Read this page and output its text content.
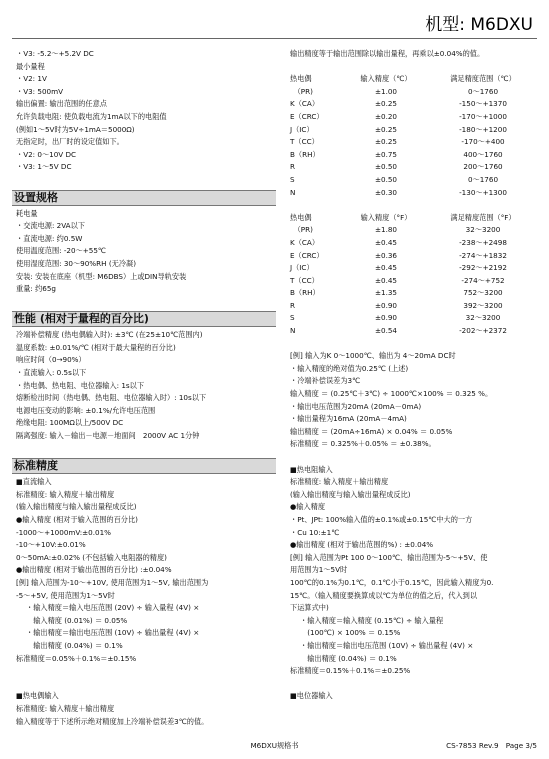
机型: M6DXU
・V3: -5.2～+5.2V DC
最小量程
・V2: 1V
・V3: 500mV
输出偏置: 输出范围的任意点
允许负载电阻: 使负载电流为1mA以下的电阻值
(例如1～5V时为5V÷1mA＝5000Ω)
无指定时，出厂时的设定值如下。
・V2: 0～10V DC
・V3: 1～5V DC
设置规格
耗电量
・交流电源: 2VA以下
・直流电源: 约0.5W
使用温度范围: -20～+55℃
使用湿度范围: 30～90%RH (无冷凝)
安装: 安装在底座（机型: M6DBS）上或DIN导轨安装
重量: 约65g
性能 (相对于量程的百分比)
冷端补偿精度 (热电偶输入时): ±3℃ (在25±10℃范围内)
温度系数: ±0.01%/℃ (相对于最大量程的百分比)
响应时间（0→90%）
・直流输入: 0.5s以下
・热电偶、热电阻、电位器输入: 1s以下
熔断检出时间（热电偶、热电阻、电位器输入时）: 10s以下
电源电压变动的影响: ±0.1%/允许电压范围
绝缘电阻: 100MΩ以上/500V DC
隔离强度: 输入－输出－电源－地面间　2000V AC 1分钟
标准精度
■直流输入
标准精度: 输入精度＋输出精度
(输入输出精度与输入输出量程成反比)
●输入精度 (相对于输入范围的百分比)
-1000～+1000mV:±0.01%
-10～+10V:±0.01%
0～50mA:±0.02% (不包括输入电阻器的精度)
●输出精度 (相对于输出范围的百分比) :±0.04%
[例] 输入范围为-10～+10V, 使用范围为1～5V, 输出范围为
-5～+5V, 使用范围为1～5V时
・输入精度＝输入电压范围 (20V) ÷ 输入量程 (4V) ×
　输入精度 (0.01%) ＝ 0.05%
・输出精度＝输出电压范围 (10V) ÷ 输出量程 (4V) ×
　输出精度 (0.04%) ＝ 0.1%
标准精度＝0.05%＋0.1%＝±0.15%
■热电偶输入
标准精度: 输入精度＋输出精度
输入精度等于下述所示绝对精度加上冷端补偿误差3℃的值。
输出精度等于输出范围除以输出量程，再乘以±0.04%的值。
热电偶	输入精度（℃）	满足精度范围（℃）
　（PR)	±1.00	0～1760
K（CA）	±0.25	-150～+1370
E（CRC）	±0.20	-170～+1000
J（IC）	±0.25	-180～+1200
T（CC）	±0.25	-170～+400
B（RH）	±0.75	400～1760
R	±0.50	200～1760
S	±0.50	0～1760
N	±0.30	-130～+1300
热电偶	输入精度（°F）	满足精度范围（°F）
　（PR)	±1.80	32～3200
K（CA）	±0.45	-238～+2498
E（CRC）	±0.36	-274～+1832
J（IC）	±0.45	-292～+2192
T（CC）	±0.45	-274～+752
B（RH）	±1.35	752～3200
R	±0.90	392～3200
S	±0.90	32～3200
N	±0.54	-202～+2372
[例] 输入为K 0～1000℃、输出为 4～20mA DC时
・输入精度的绝对值为0.25℃ (上述)
・冷端补偿误差为3℃
输入精度 ＝ (0.25℃＋3℃) ÷ 1000℃×100% ＝ 0.325 %。
・输出电压范围为20mA (20mA－0mA)
・输出量程为16mA (20mA－4mA)
输出精度 ＝ (20mA÷16mA) × 0.04% ＝ 0.05%
标准精度 ＝ 0.325%＋0.05% ＝ ±0.38%。
■热电阻输入
标准精度: 输入精度＋输出精度
(输入输出精度与输入输出量程成反比)
●输入精度
・Pt、JPt: 100%输入值的±0.1%或±0.15℃中大的一方
・Cu 10:±1℃
●输出精度 (相对于输出范围的%) : ±0.04%
[例] 输入范围为Pt 100 0～100℃、输出范围为-5～+5V、使
用范围为1～5V时
100℃的0.1%为0.1℃，0.1℃小于0.15℃，因此输入精度为0.
15℃。（输入精度要换算成以℃为单位的值之后，代入到以
下运算式中)
・输入精度＝输入精度 (0.15℃) ÷ 输入量程
　(100℃) × 100% ＝ 0.15%
・输出精度＝输出电压范围 (10V) ÷ 输出量程 (4V) ×
　输出精度 (0.04%) ＝ 0.1%
标准精度＝0.15%＋0.1%＝±0.25%
■电位器输入
M6DXU规格书	CS-7853 Rev.9　Page 3/5
